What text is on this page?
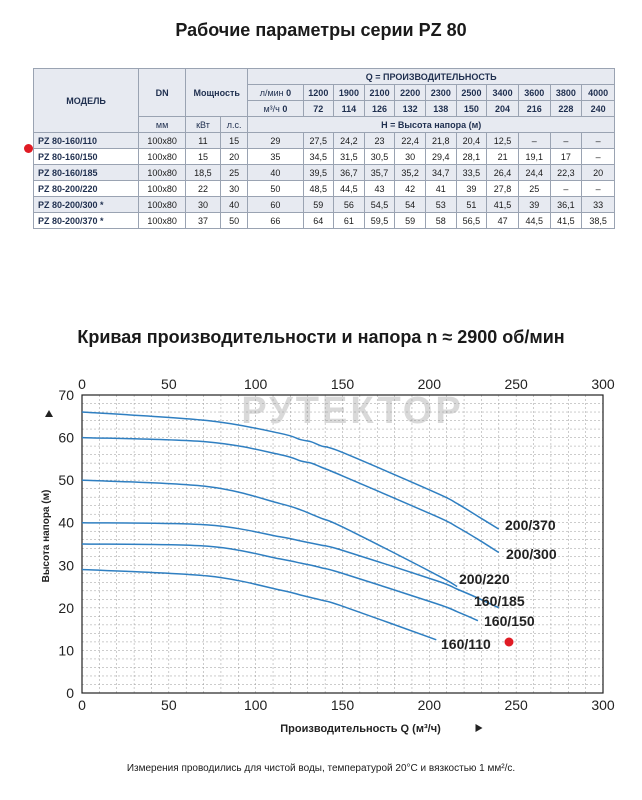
Рабочие параметры серии PZ 80
МОДЕЛЬ	DN	Мощность		Q = ПРОИЗВОДИТЕЛЬНОСТЬ										
				л/мин 0	1200	1900	2100	2200	2300	2500	3400	3600	3800	4000
				м³/ч 0	72	114	126	132	138	150	204	216	228	240
	мм	кВт	л.с.	H = Высота напора (м)										
PZ 80-160/110	100x80	11	15	29	27,5	24,2	23	22,4	21,8	20,4	12,5	–	–	–
PZ 80-160/150	100x80	15	20	35	34,5	31,5	30,5	30	29,4	28,1	21	19,1	17	–
PZ 80-160/185	100x80	18,5	25	40	39,5	36,7	35,7	35,2	34,7	33,5	26,4	24,4	22,3	20
PZ 80-200/220	100x80	22	30	50	48,5	44,5	43	42	41	39	27,8	25	–	–
PZ 80-200/300 *	100x80	30	40	60	59	56	54,5	54	53	51	41,5	39	36,1	33
PZ 80-200/370 *	100x80	37	50	66	64	61	59,5	59	58	56,5	47	44,5	41,5	38,5
Кривая производительности и напора n ≈ 2900 об/мин
РУТЕКТОР
0
0
50
50
100
100
150
150
200
200
250
250
300
300
0
10
20
30
40
50
60
70
Производительность Q (м³/ч)
Высота напора (м)
160/110
160/150
160/185
200/220
200/300
200/370
Измерения проводились для чистой воды, температурой 20°C и вязкостью 1 мм²/с.
